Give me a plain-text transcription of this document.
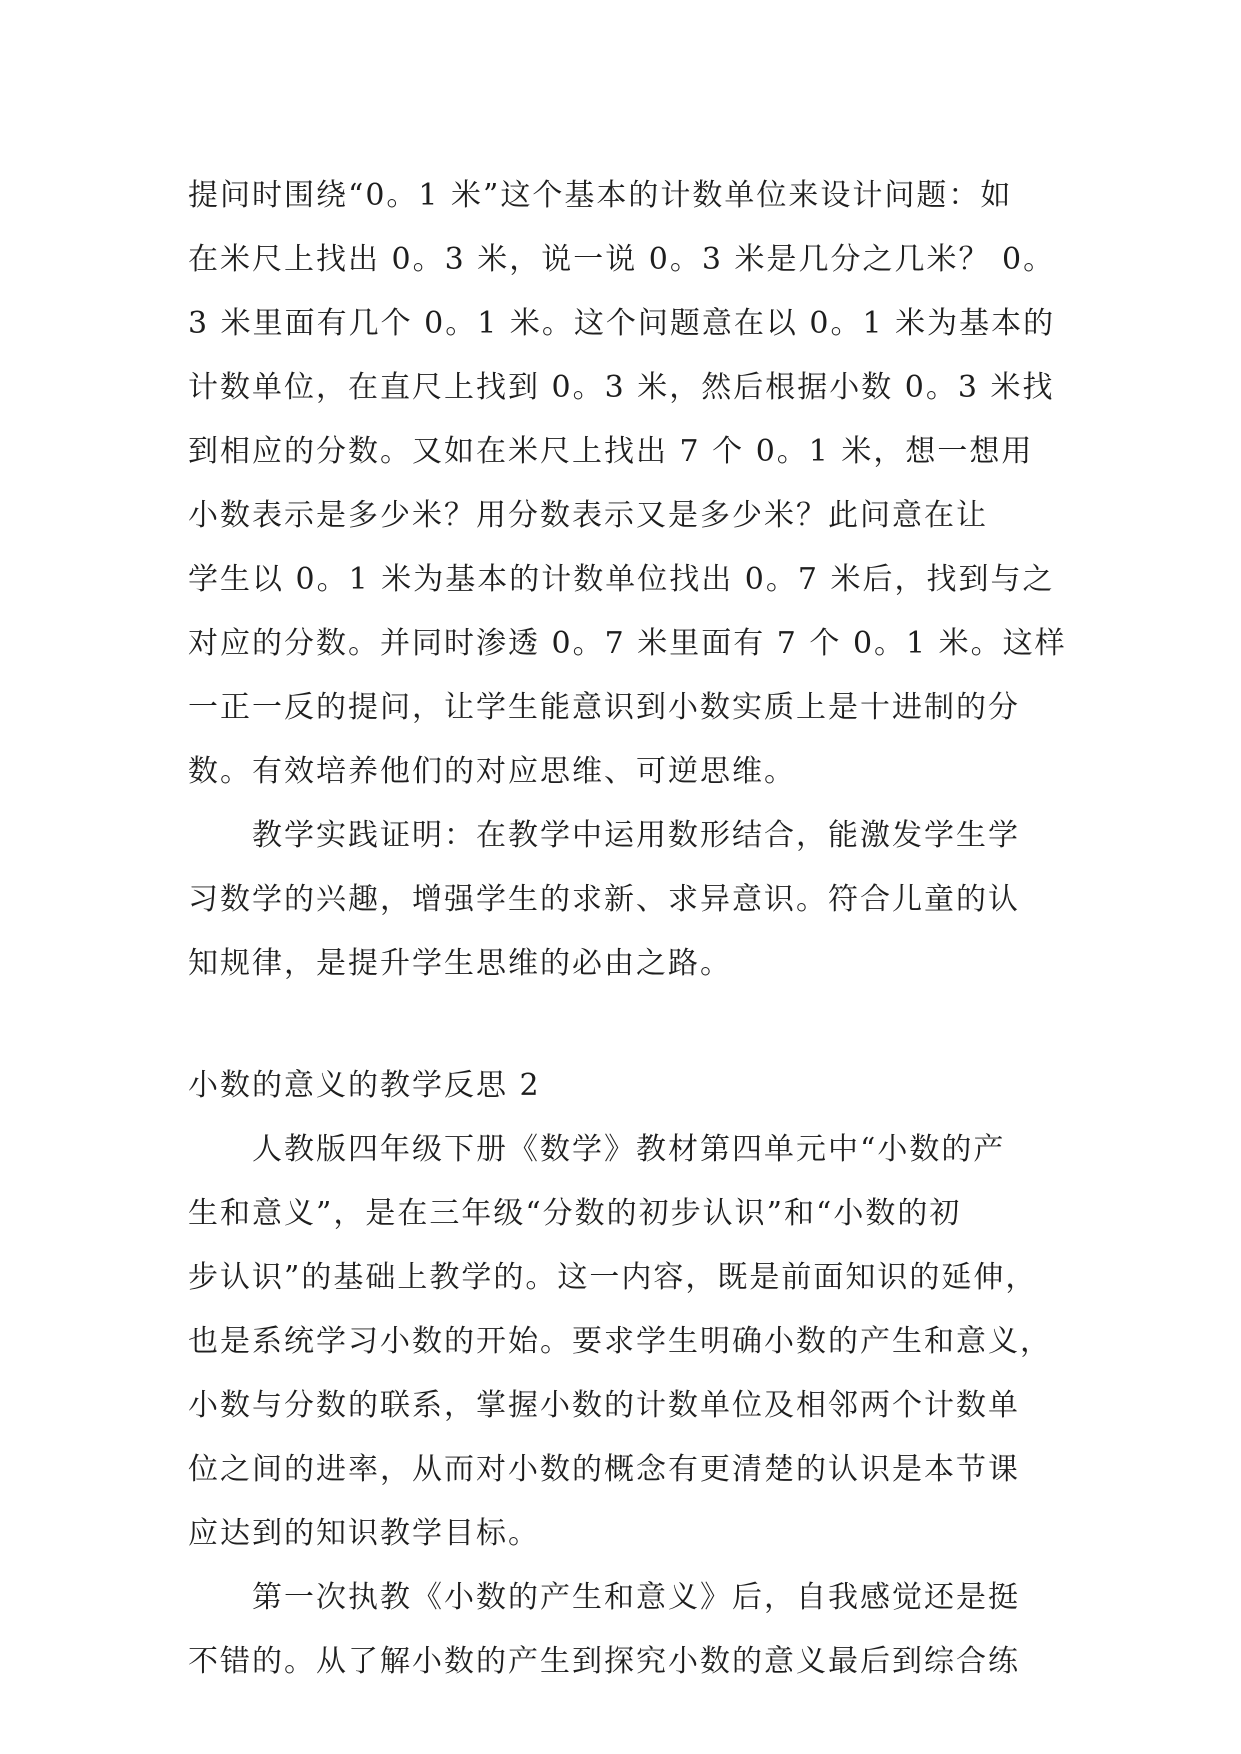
提问时围绕“0。1 米”这个基本的计数单位来设计问题：如
在米尺上找出 0。3 米，说一说 0。3 米是几分之几米？ 0。
3 米里面有几个 0。1 米。这个问题意在以 0。1 米为基本的
计数单位，在直尺上找到 0。3 米，然后根据小数 0。3 米找
到相应的分数。又如在米尺上找出 7 个 0。1 米，想一想用
小数表示是多少米？用分数表示又是多少米？此问意在让
学生以 0。1 米为基本的计数单位找出 0。7 米后，找到与之
对应的分数。并同时渗透 0。7 米里面有 7 个 0。1 米。这样
一正一反的提问，让学生能意识到小数实质上是十进制的分
数。有效培养他们的对应思维、可逆思维。
教学实践证明：在教学中运用数形结合，能激发学生学
习数学的兴趣，增强学生的求新、求异意识。符合儿童的认
知规律，是提升学生思维的必由之路。
小数的意义的教学反思 2
人教版四年级下册《数学》教材第四单元中“小数的产
生和意义”，是在三年级“分数的初步认识”和“小数的初
步认识”的基础上教学的。这一内容，既是前面知识的延伸，
也是系统学习小数的开始。要求学生明确小数的产生和意义，
小数与分数的联系，掌握小数的计数单位及相邻两个计数单
位之间的进率，从而对小数的概念有更清楚的认识是本节课
应达到的知识教学目标。
第一次执教《小数的产生和意义》后，自我感觉还是挺
不错的。从了解小数的产生到探究小数的意义最后到综合练
